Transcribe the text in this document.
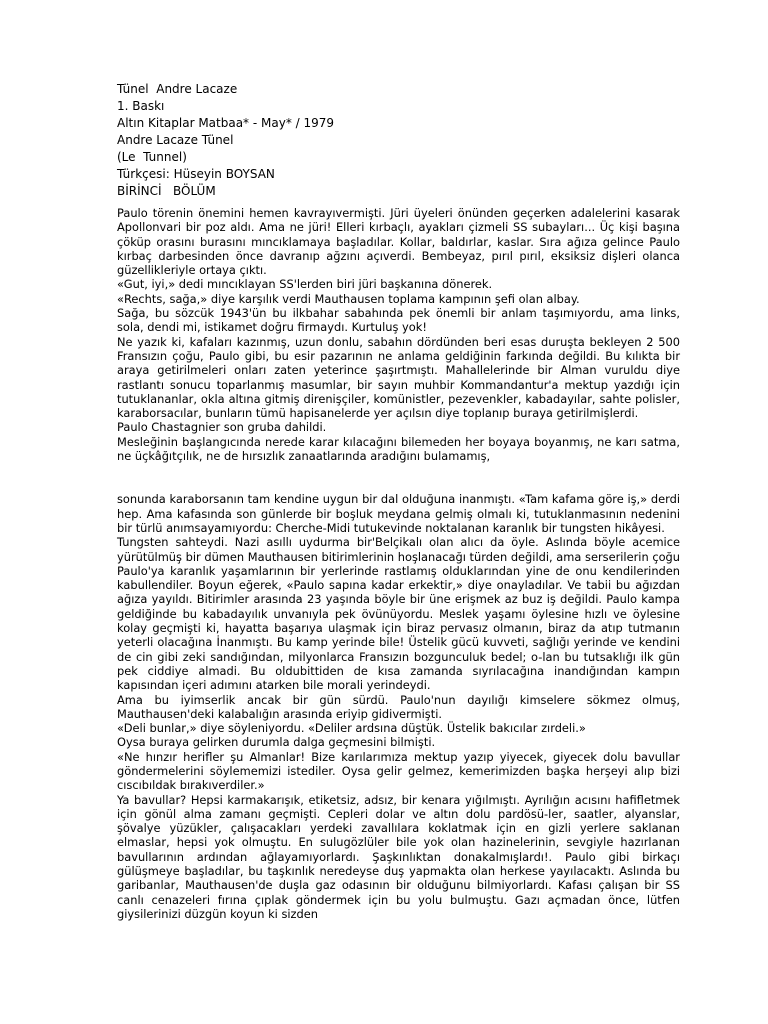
Tünel  Andre Lacaze
1. Baskı
Altın Kitaplar Matbaa* - May* / 1979
Andre Lacaze Tünel
(Le  Tunnel)
Türkçesi: Hüseyin BOYSAN
BİRİNCİ   BÖLÜM

Paulo törenin önemini hemen kavrayıvermişti. Jüri üyeleri önünden geçerken adalelerini kasarak Apollonvari bir poz aldı. Ama ne jüri! Elleri kırbaçlı, ayakları çizmeli SS subayları... Üç kişi başına çöküp orasını burasını mıncıklamaya başladılar. Kollar, baldırlar, kaslar. Sıra ağıza gelince Paulo kırbaç darbesinden önce davranıp ağzını açıverdi. Bembeyaz, pırıl pırıl, eksiksiz dişleri olanca güzellikleriyle ortaya çıktı.

«Gut, iyi,» dedi mıncıklayan SS'lerden biri jüri başkanına dönerek.

«Rechts, sağa,» diye karşılık verdi Mauthausen toplama kampının şefi olan albay.

Sağa, bu sözcük 1943'ün bu ilkbahar sabahında pek önemli bir anlam taşımıyordu, ama links, sola, dendi mi, istikamet doğru firmaydı. Kurtuluş yok!

Ne yazık ki, kafaları kazınmış, uzun donlu, sabahın dördünden beri esas duruşta bekleyen 2 500 Fransızın çoğu, Paulo gibi, bu esir pazarının ne anlama geldiğinin farkında değildi. Bu kılıkta bir araya getirilmeleri onları zaten yeterince şaşırtmıştı. Mahallelerinde bir Alman vuruldu diye rastlantı sonucu toparlanmış masumlar, bir sayın muhbir Kommandantur'a mektup yazdığı için tutuklananlar, okla altına gitmiş direnişçiler, komünistler, pezevenkler, kabadayılar, sahte polisler, karaborsacılar, bunların tümü hapisanelerde yer açılsın diye toplanıp buraya getirilmişlerdi.

Paulo Chastagnier son gruba dahildi.

Mesleğinin başlangıcında nerede karar kılacağını bilemeden her boyaya boyanmış, ne karı satma, ne üçkâğıtçılık, ne de hırsızlık zanaatlarında aradığını bulamamış,

sonunda karaborsanın tam kendine uygun bir dal olduğuna inanmıştı. «Tam kafama göre iş,» derdi hep. Ama kafasında son günlerde bir boşluk meydana gelmiş olmalı ki, tutuklanmasının nedenini bir türlü anımsayamıyordu: Cherche-Midi tutukevinde noktalanan karanlık bir tungsten hikâyesi.

Tungsten sahteydi. Nazi asıllı uydurma bir'Belçikalı olan alıcı da öyle. Aslında böyle acemice yürütülmüş bir dümen Mauthausen bitirimlerinin hoşlanacağı türden değildi, ama serserilerin çoğu Paulo'ya karanlık yaşamlarının bir yerlerinde rastlamış olduklarından yine de onu kendilerinden kabullendiler. Boyun eğerek, «Paulo sapına kadar erkektir,» diye onayladılar. Ve tabii bu ağızdan ağıza yayıldı. Bitirimler arasında 23 yaşında böyle bir üne erişmek az buz iş değildi. Paulo kampa geldiğinde bu kabadayılık unvanıyla pek övünüyordu. Meslek yaşamı öylesine hızlı ve öylesine kolay geçmişti ki, hayatta başarıya ulaşmak için biraz pervasız olmanın, biraz da atıp tutmanın yeterli olacağına İnanmıştı. Bu kamp yerinde bile! Üstelik gücü kuvveti, sağlığı yerinde ve kendini de cin gibi zeki sandığından, milyonlarca Fransızın bozgunculuk bedel; o-lan bu tutsaklığı ilk gün pek ciddiye almadi. Bu oldubittiden de kısa zamanda sıyrılacağına inandığından kampın kapısından içeri adımını atarken bile morali yerindeydi.

Ama bu iyimserlik ancak bir gün sürdü. Paulo'nun dayılığı kimselere sökmez olmuş, Mauthausen'deki kalabalığın arasında eriyip gidivermişti.

«Deli bunlar,» diye söyleniyordu. «Deliler ardsına düştük. Üstelik bakıcılar zırdeli.»

Oysa buraya gelirken durumla dalga geçmesini bilmişti.

«Ne hınzır herifler şu Almanlar! Bize karılarımıza mektup yazıp yiyecek, giyecek dolu bavullar göndermelerini söylememizi istediler. Oysa gelir gelmez, kemerimizden başka herşeyi alıp bizi cıscıbıldak bırakıverdiler.»

Ya bavullar? Hepsi karmakarışık, etiketsiz, adsız, bir kenara yığılmıştı. Ayrılığın acısını hafifletmek için gönül alma zamanı geçmişti. Cepleri dolar ve altın dolu pardösü-ler, saatler, alyanslar, şövalye yüzükler, çalışacakları yerdeki zavallılara koklatmak için en gizli yerlere saklanan elmaslar, hepsi yok olmuştu. En sulugözlüler bile yok olan hazinelerinin, sevgiyle hazırlanan bavullarının ardından ağlayamıyorlardı. Şaşkınlıktan donakalmışlardı!. Paulo gibi birkaçı gülüşmeye başladılar, bu taşkınlık neredeyse duş yapmakta olan herkese yayılacaktı. Aslında bu garibanlar, Mauthausen'de duşla gaz odasının bir olduğunu bilmiyorlardı. Kafası çalışan bir SS canlı cenazeleri fırına çıplak göndermek için bu yolu bulmuştu. Gazı açmadan önce, lütfen giysilerinizi düzgün koyun ki sizden
